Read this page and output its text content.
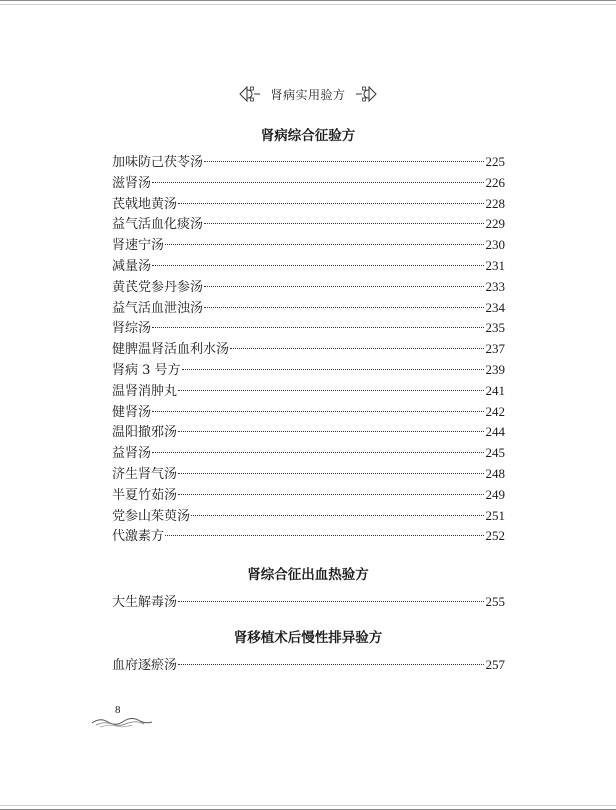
肾病实用验方
肾病综合征验方
加味防己茯苓汤	225
滋肾汤	226
芪戟地黄汤	228
益气活血化痰汤	229
肾速宁汤	230
减量汤	231
黄芪党参丹参汤	233
益气活血泄浊汤	234
肾综汤	235
健脾温肾活血利水汤	237
肾病 3 号方	239
温肾消肿丸	241
健肾汤	242
温阳撤邪汤	244
益肾汤	245
济生肾气汤	248
半夏竹茹汤	249
党参山茱萸汤	251
代激素方	252
肾综合征出血热验方
大生解毒汤	255
肾移植术后慢性排异验方
血府逐瘀汤	257
8
